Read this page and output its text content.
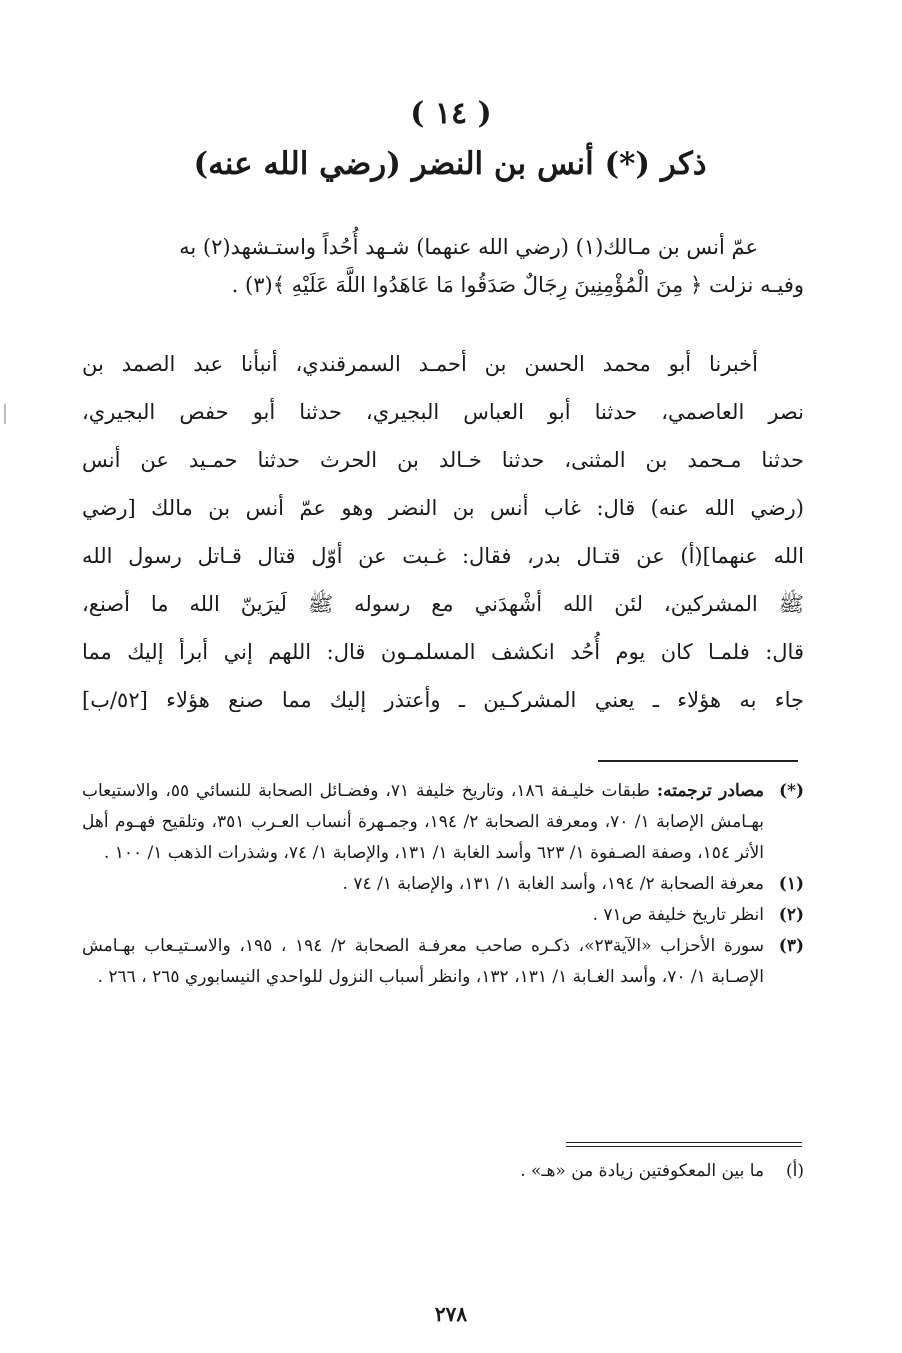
( ١٤ )
ذكر (*) أنس بن النضر (رضي الله عنه)

عمّ أنس بن مـالك(١) (رضي الله عنهما) شـهد أُحُداً واستـشهد(٢) به

وفيـه نزلت ﴿ مِنَ الْمُؤْمِنِينَ رِجَالٌ صَدَقُوا مَا عَاهَدُوا اللَّهَ عَلَيْهِ ﴾(٣) .

أخبرنا أبو محمد الحسن بن أحمـد السمرقندي، أنبأنا عبد الصمد بن
نصر العاصمي، حدثنا أبو العباس البجيري، حدثنا أبو حفص البجيري،
حدثنا مـحمد بن المثنى، حدثنا خـالد بن الحرث حدثنا حمـيد عن أنس
(رضي الله عنه) قال: غاب أنس بن النضر وهو عمّ أنس بن مالك [رضي
الله عنهما](أ) عن قتـال بدر، فقال: غـبت عن أوّل قتال قـاتل رسول الله
ﷺ المشركين، لئن الله أشْهدَني مع رسوله ﷺ لَيرَينّ الله ما أصنع،
قال: فلمـا كان يوم أُحُد انكشف المسلمـون قال: اللهم إني أبرأ إليك مما
جاء به هؤلاء ـ يعني المشركـين ـ وأعتذر إليك مما صنع هؤلاء [٥٢/ب]
(*)
مصادر ترجمته: طبقات خليـفة ١٨٦، وتاريخ خليفة ٧١، وفضـائل الصحابة للنسائي ٥٥، والاستيعاب بهـامش الإصابة ١/ ٧٠، ومعرفة الصحابة ٢/ ١٩٤، وجمـهرة أنساب العـرب ٣٥١، وتلقيح فهـوم أهل الأثر ١٥٤، وصفة الصـفوة ١/ ٦٢٣ وأسد الغابة ١/ ١٣١، والإصابة ١/ ٧٤، وشذرات الذهب ١/ ١٠٠ .
(١)
معرفة الصحابة ٢/ ١٩٤، وأسد الغابة ١/ ١٣١، والإصابة ١/ ٧٤ .
(٢)
انظر تاريخ خليفة ص٧١ .
(٣)
سورة الأحزاب «الآية٢٣»، ذكـره صاحب معرفـة الصحابة ٢/ ١٩٤ ، ١٩٥، والاسـتيـعاب بهـامش الإصـابة ١/ ٧٠، وأسد الغـابة ١/ ١٣١، ١٣٢، وانظر أسباب النزول للواحدي النيسابوري ٢٦٥ ، ٢٦٦ .
(أ)
ما بين المعكوفتين زيادة من «هـ» .
٢٧٨
